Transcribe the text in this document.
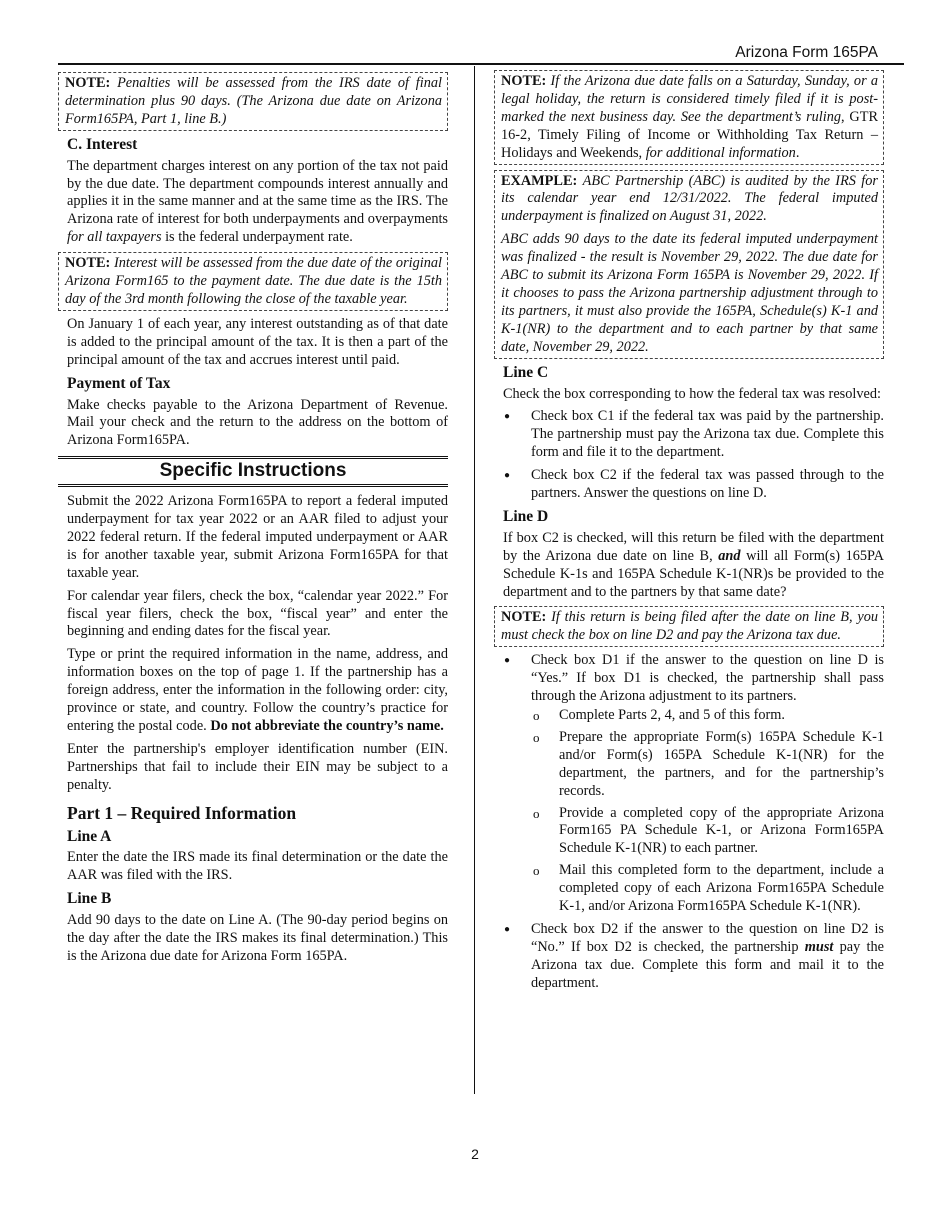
Arizona Form 165PA
NOTE: Penalties will be assessed from the IRS date of final determination plus 90 days. (The Arizona due date on Arizona Form165PA, Part 1, line B.)
C. Interest

The department charges interest on any portion of the tax not paid by the due date. The department compounds interest annually and applies it in the same manner and at the same time as the IRS. The Arizona rate of interest for both underpayments and overpayments for all taxpayers is the federal underpayment rate.

NOTE: Interest will be assessed from the due date of the original Arizona Form165 to the payment date. The due date is the 15th day of the 3rd month following the close of the taxable year.

On January 1 of each year, any interest outstanding as of that date is added to the principal amount of the tax. It is then a part of the principal amount of the tax and accrues interest until paid.

Payment of Tax

Make checks payable to the Arizona Department of Revenue. Mail your check and the return to the address on the bottom of Arizona Form165PA.

Specific Instructions

Submit the 2022 Arizona Form165PA to report a federal imputed underpayment for tax year 2022 or an AAR filed to adjust your 2022 federal return. If the federal imputed underpayment or AAR is for another taxable year, submit Arizona Form165PA for that taxable year.

For calendar year filers, check the box, “calendar year 2022.” For fiscal year filers, check the box, “fiscal year” and enter the beginning and ending dates for the fiscal year.

Type or print the required information in the name, address, and information boxes on the top of page 1. If the partnership has a foreign address, enter the information in the following order: city, province or state, and country. Follow the country’s practice for entering the postal code. Do not abbreviate the country’s name.

Enter the partnership's employer identification number (EIN. Partnerships that fail to include their EIN may be subject to a penalty.

Part 1 – Required Information
Line A

Enter the date the IRS made its final determination or the date the AAR was filed with the IRS.

Line B

Add 90 days to the date on Line A. (The 90-day period begins on the day after the date the IRS makes its final determination.) This is the Arizona due date for Arizona Form 165PA.

NOTE: If the Arizona due date falls on a Saturday, Sunday, or a legal holiday, the return is considered timely filed if it is post-marked the next business day. See the department’s ruling, GTR 16-2, Timely Filing of Income or Withholding Tax Return – Holidays and Weekends, for additional information.

EXAMPLE: ABC Partnership (ABC) is audited by the IRS for its calendar year end 12/31/2022. The federal imputed underpayment is finalized on August 31, 2022.

ABC adds 90 days to the date its federal imputed underpayment was finalized - the result is November 29, 2022. The due date for ABC to submit its Arizona Form 165PA is November 29, 2022. If it chooses to pass the Arizona partnership adjustment through to its partners, it must also provide the 165PA, Schedule(s) K-1 and K-1(NR) to the department and to each partner by that same date, November 29, 2022.

Line C

Check the box corresponding to how the federal tax was resolved:

● Check box C1 if the federal tax was paid by the partnership. The partnership must pay the Arizona tax due. Complete this form and file it to the department.
● Check box C2 if the federal tax was passed through to the partners. Answer the questions on line D.
Line D

If box C2 is checked, will this return be filed with the department by the Arizona due date on line B, and will all Form(s) 165PA Schedule K-1s and 165PA Schedule K-1(NR)s be provided to the department and to the partners by that same date?

NOTE: If this return is being filed after the date on line B, you must check the box on line D2 and pay the Arizona tax due.
● Check box D1 if the answer to the question on line D is “Yes.” If box D1 is checked, the partnership shall pass through the Arizona adjustment to its partners.
o Complete Parts 2, 4, and 5 of this form.
o Prepare the appropriate Form(s) 165PA Schedule K-1 and/or Form(s) 165PA Schedule K-1(NR) for the department, the partners, and for the partnership’s records.
o Provide a completed copy of the appropriate Arizona Form165 PA Schedule K-1, or Arizona Form165PA Schedule K-1(NR) to each partner.
o Mail this completed form to the department, include a completed copy of each Arizona Form165PA Schedule K-1, and/or Arizona Form165PA Schedule K-1(NR).
● Check box D2 if the answer to the question on line D2 is “No.” If box D2 is checked, the partnership must pay the Arizona tax due. Complete this form and mail it to the department.
2
